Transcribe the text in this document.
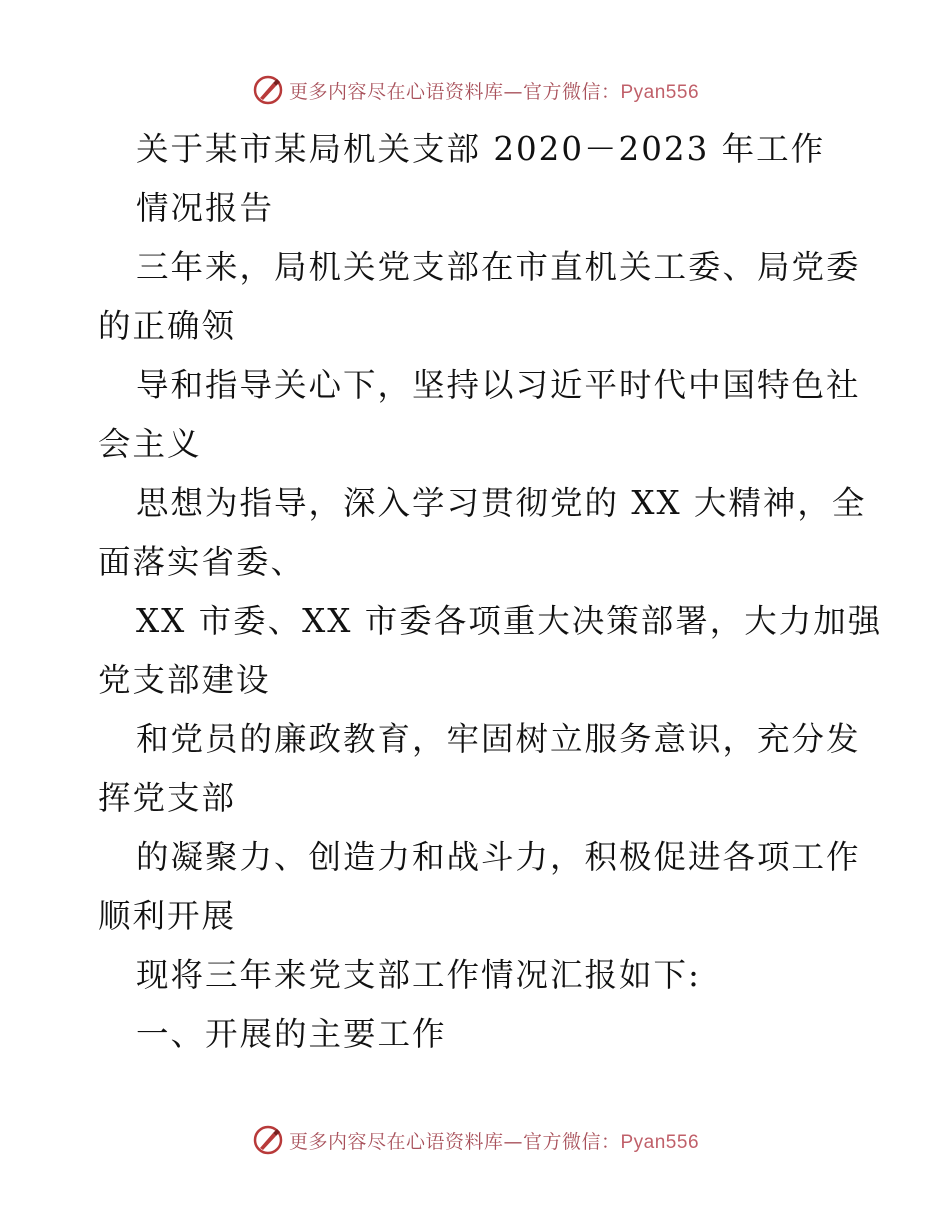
更多内容尽在心语资料库—官方微信：Pyan556
关于某市某局机关支部 2020－2023 年工作
情况报告
三年来，局机关党支部在市直机关工委、局党委
的正确领
导和指导关心下，坚持以习近平时代中国特色社
会主义
思想为指导，深入学习贯彻党的 XX 大精神，全
面落实省委、
XX 市委、XX 市委各项重大决策部署，大力加强
党支部建设
和党员的廉政教育，牢固树立服务意识，充分发
挥党支部
的凝聚力、创造力和战斗力，积极促进各项工作
顺利开展
现将三年来党支部工作情况汇报如下:
一、开展的主要工作
更多内容尽在心语资料库—官方微信：Pyan556
